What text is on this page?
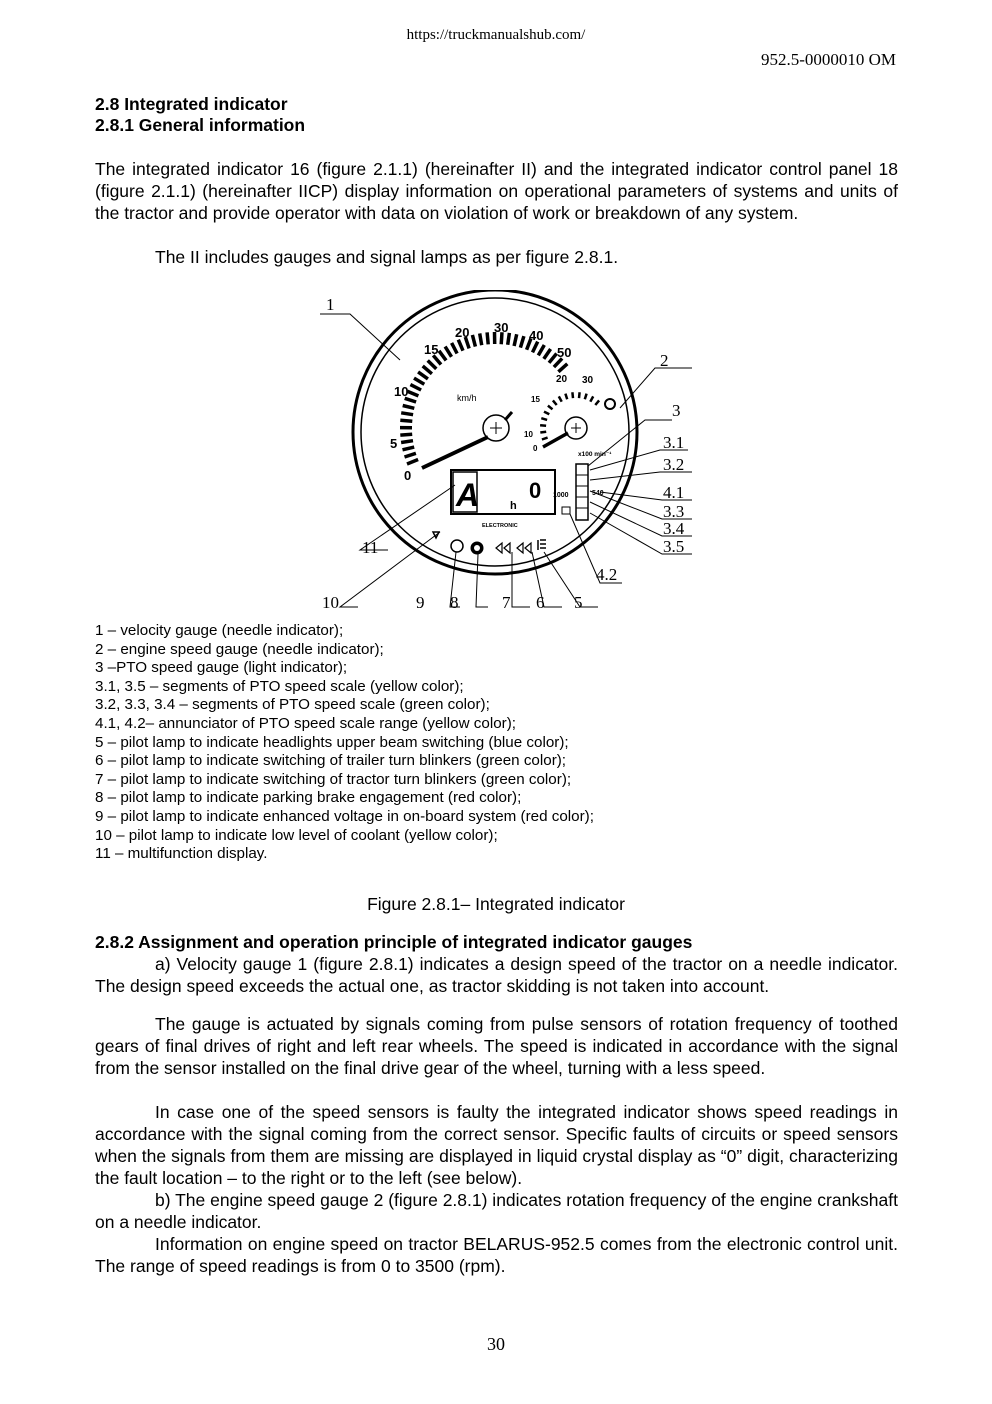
https://truckmanualshub.com/
952.5-0000010 OM
2.8 Integrated indicator
2.8.1 General information
The integrated indicator 16 (figure 2.1.1) (hereinafter II) and the integrated indicator control panel 18 (figure 2.1.1) (hereinafter IICP) display information on operational parameters of systems and units of the tractor and provide operator with data on violation of work or breakdown of any system.
The II includes gauges and signal lamps as per figure 2.8.1.
0
5
10
15
20 30
40
50
km/h
0
10
15
20 30
x100 min⁻¹
A	h
0
ELECTRONIC
1000	540
1
2
3
3.1
3.2
4.1
3.3
3.4
3.5
4.2
5
6
7
8
9
10
11
1 – velocity gauge (needle indicator);
2 – engine speed gauge (needle indicator);
3 –PTO speed gauge (light indicator);
3.1, 3.5 – segments of PTO speed scale (yellow color);
3.2, 3.3, 3.4 – segments of PTO speed scale (green color);
4.1, 4.2– annunciator of PTO speed scale range (yellow color);
5 – pilot lamp to indicate headlights upper beam switching (blue color);
6 – pilot lamp to indicate switching of trailer turn blinkers (green color);
7 – pilot lamp to indicate switching of tractor turn blinkers (green color);
8 – pilot lamp to indicate parking brake engagement (red color);
9 – pilot lamp to indicate enhanced voltage in on-board system (red color);
10 – pilot lamp to indicate low level of coolant (yellow color);
11 – multifunction display.
Figure 2.8.1– Integrated indicator
2.8.2 Assignment and operation principle of integrated indicator gauges
a) Velocity gauge 1 (figure 2.8.1) indicates a design speed of the tractor on a needle indicator. The design speed exceeds the actual one, as tractor skidding is not taken into account.
The gauge is actuated by signals coming from pulse sensors of rotation frequency of toothed gears of final drives of right and left rear wheels. The speed is indicated in accordance with the signal from the sensor installed on the final drive gear of the wheel, turning with a less speed.
In case one of the speed sensors is faulty the integrated indicator shows speed readings in accordance with the signal coming from the correct sensor. Specific faults of circuits or speed sensors when the signals from them are missing are displayed in liquid crystal display as “0” digit, characterizing the fault location – to the right or to the left (see below).
b) The engine speed gauge 2 (figure 2.8.1) indicates rotation frequency of the engine crankshaft on a needle indicator.
Information on engine speed on tractor BELARUS-952.5 comes from the electronic control unit. The range of speed readings is from 0 to 3500 (rpm).
30
